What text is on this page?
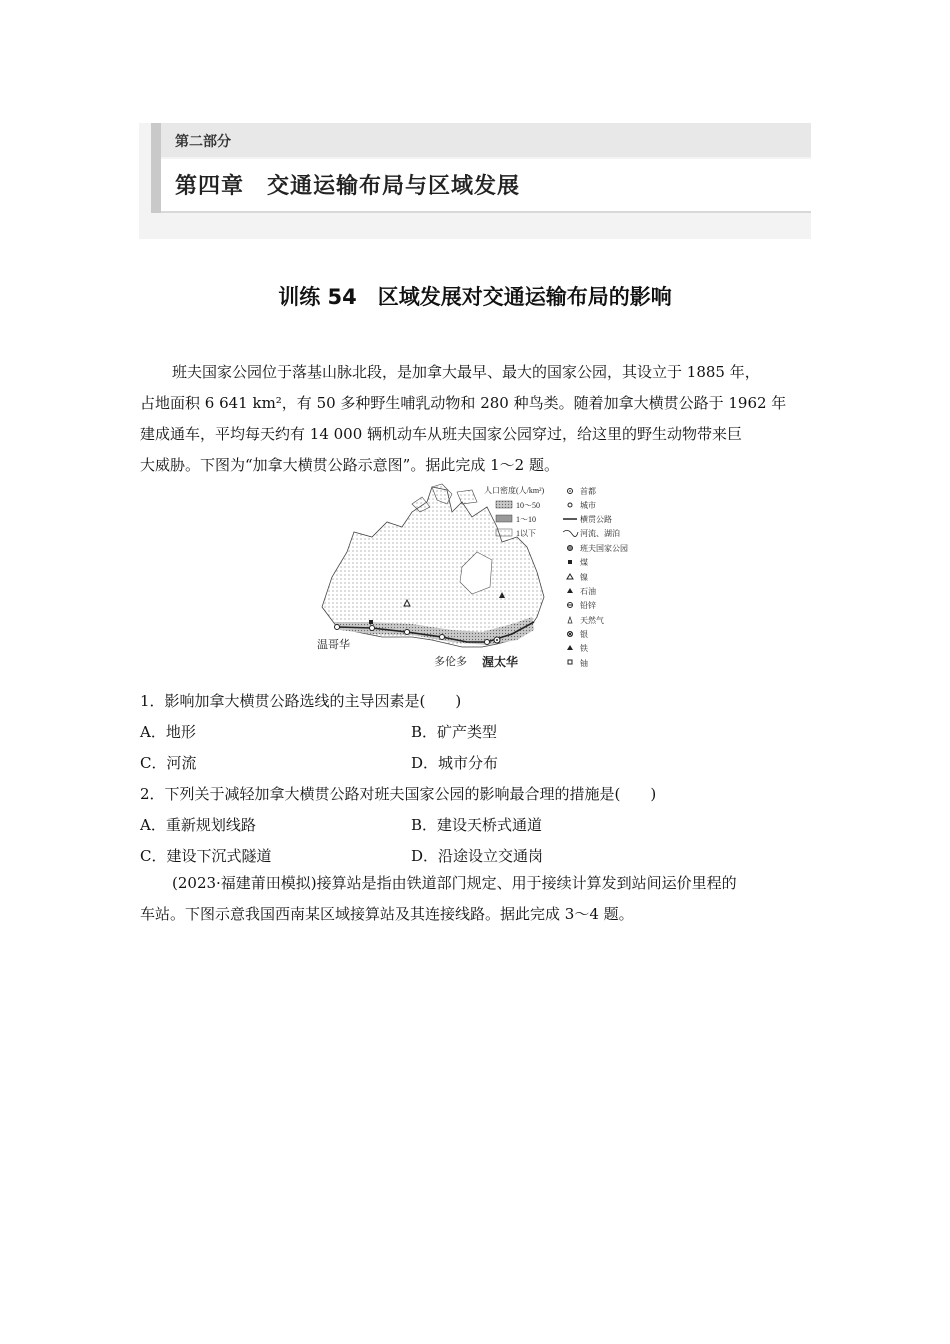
第二部分
第四章　交通运输布局与区域发展
训练 54　区域发展对交通运输布局的影响
班夫国家公园位于落基山脉北段，是加拿大最早、最大的国家公园，其设立于 1885 年，
占地面积 6 641 km²，有 50 多种野生哺乳动物和 280 种鸟类。随着加拿大横贯公路于 1962 年
建成通车，平均每天约有 14 000 辆机动车从班夫国家公园穿过，给这里的野生动物带来巨
大威胁。下图为“加拿大横贯公路示意图”。据此完成 1～2 题。
温哥华
多伦多 渥太华
人口密度(人/km²)
10～50
1～10
1以下
首都
城市
横贯公路
河流、湖泊
班夫国家公园
煤
镍
石油
铅锌
天然气
银
铁
铀
1．影响加拿大横贯公路选线的主导因素是(　　)
A．地形	B．矿产类型
C．河流	D．城市分布
2．下列关于减轻加拿大横贯公路对班夫国家公园的影响最合理的措施是(　　)
A．重新规划线路	B．建设天桥式通道
C．建设下沉式隧道	D．沿途设立交通岗
(2023·福建莆田模拟)接算站是指由铁道部门规定、用于接续计算发到站间运价里程的
车站。下图示意我国西南某区域接算站及其连接线路。据此完成 3～4 题。
